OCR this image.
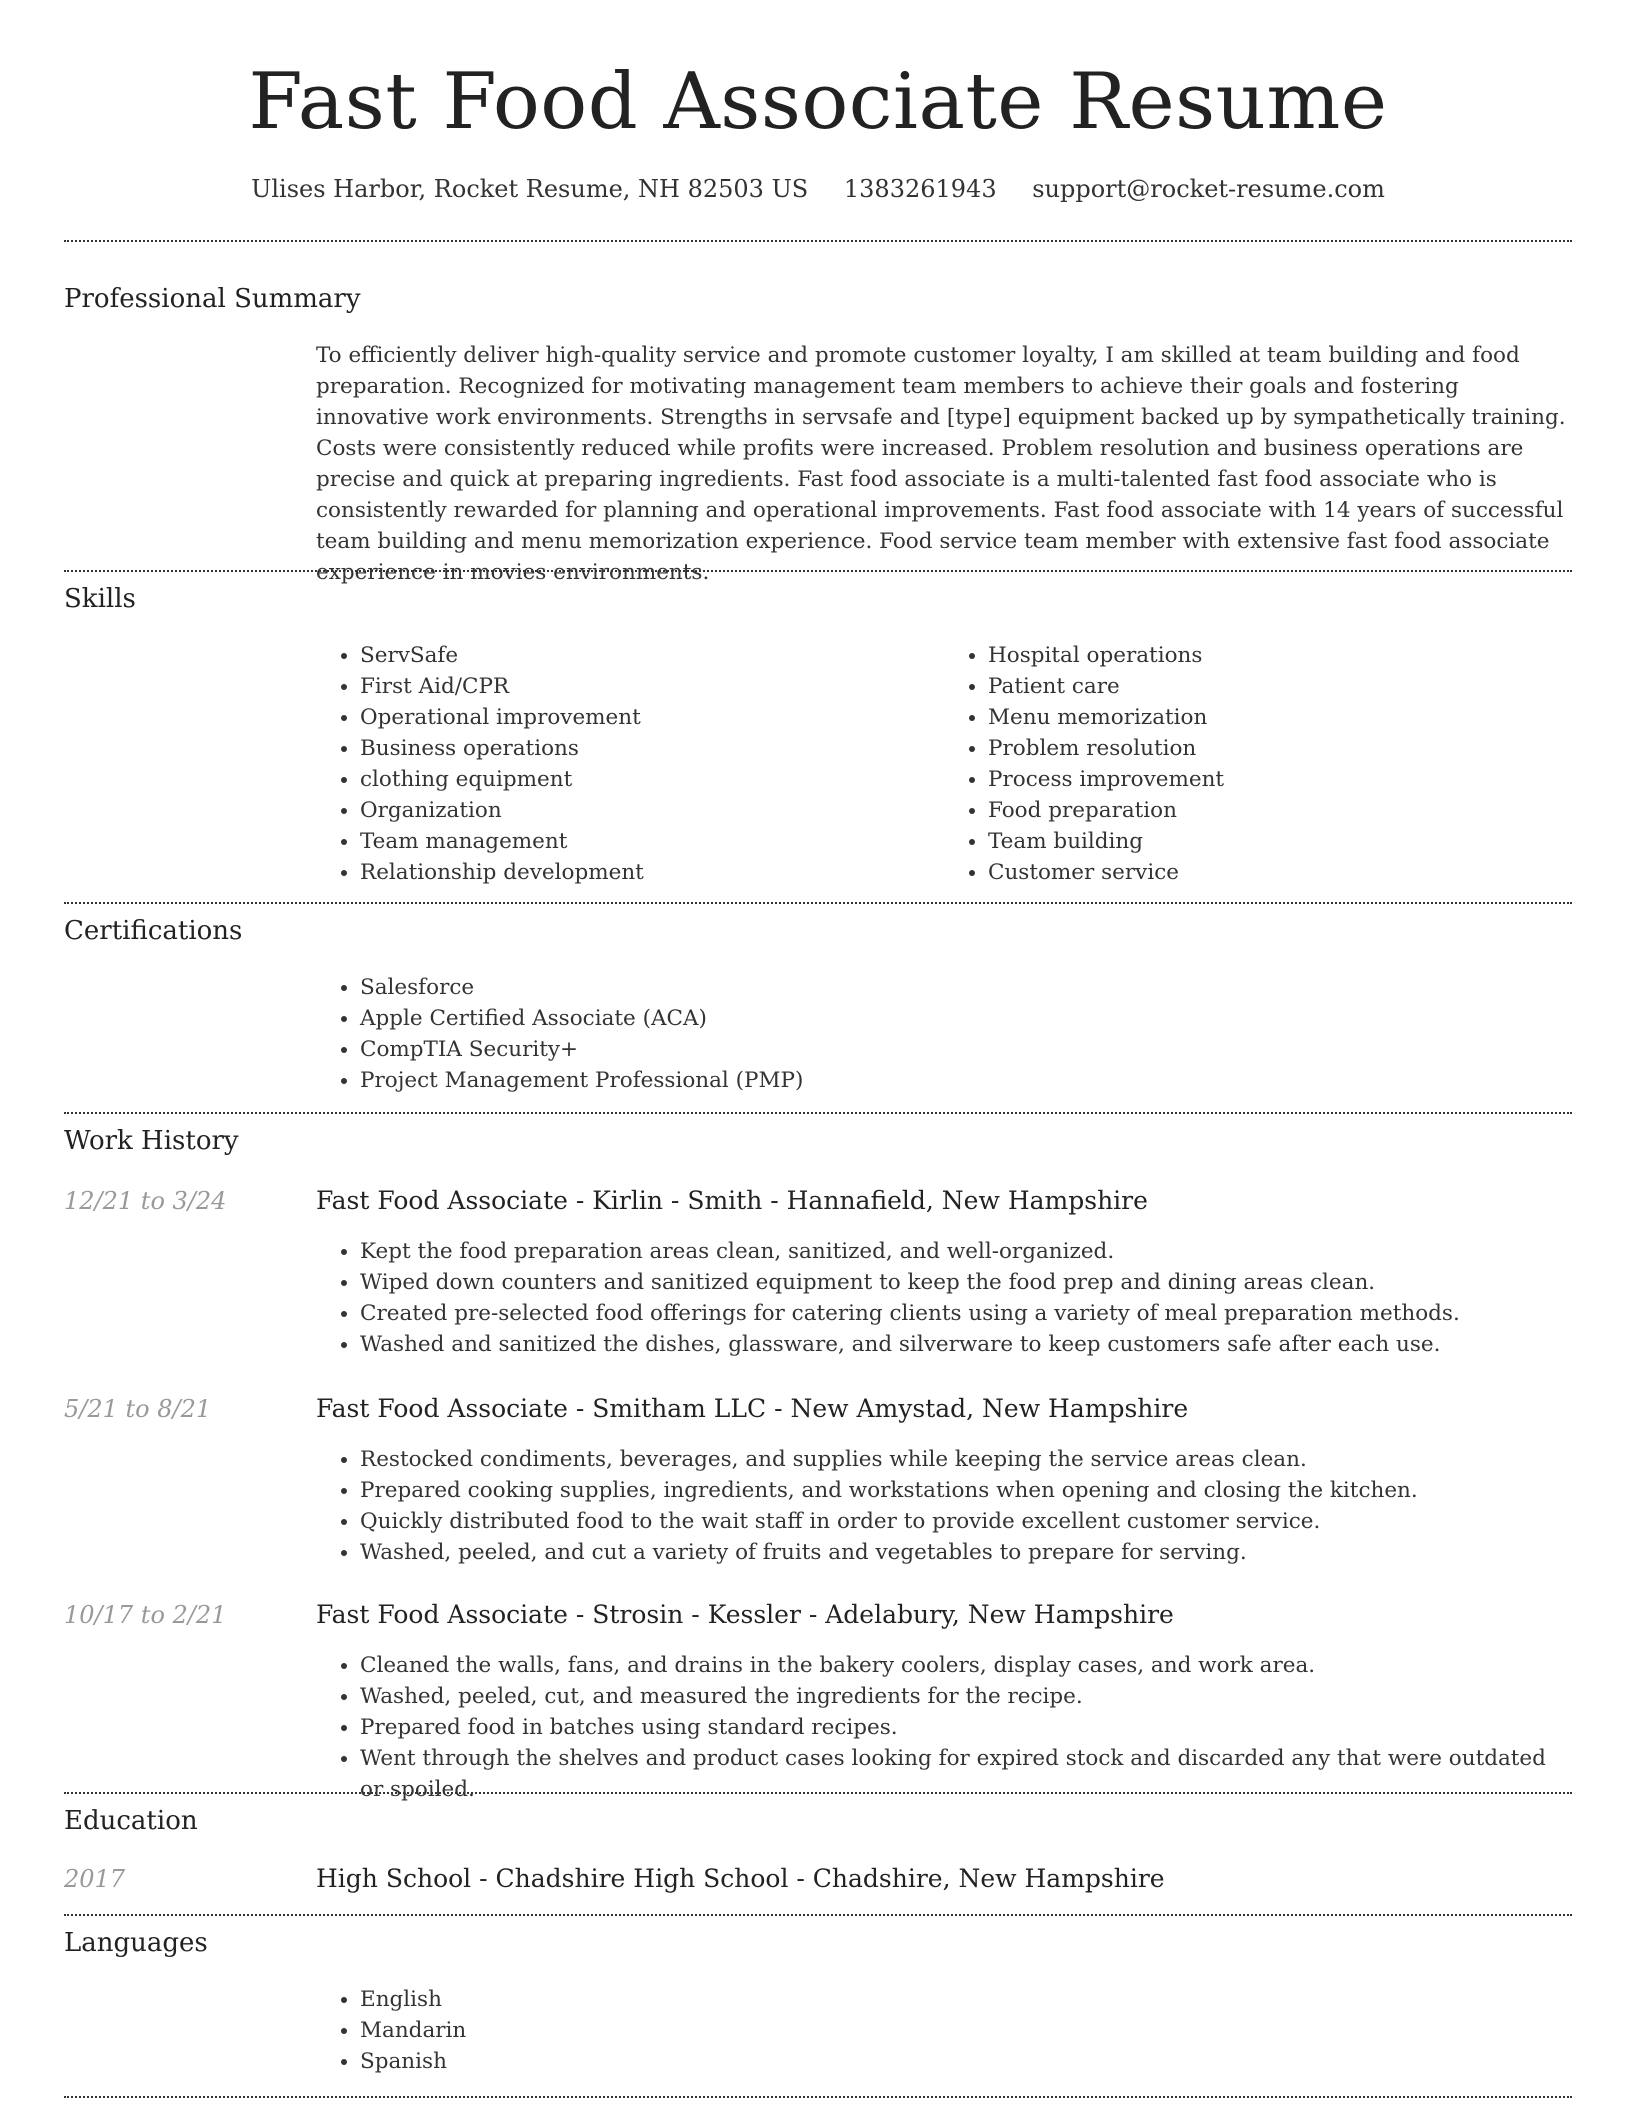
Fast Food Associate Resume
Ulises Harbor, Rocket Resume, NH 82503 US 1383261943 support@rocket-resume.com
Professional Summary
To efficiently deliver high-quality service and promote customer loyalty, I am skilled at team building and food preparation. Recognized for motivating management team members to achieve their goals and fostering innovative work environments. Strengths in servsafe and [type] equipment backed up by sympathetically training. Costs were consistently reduced while profits were increased. Problem resolution and business operations are precise and quick at preparing ingredients. Fast food associate is a multi-talented fast food associate who is consistently rewarded for planning and operational improvements. Fast food associate with 14 years of successful team building and menu memorization experience. Food service team member with extensive fast food associate experience in movies environments.
Skills
• ServSafe
• First Aid/CPR
• Operational improvement
• Business operations
• clothing equipment
• Organization
• Team management
• Relationship development
• Hospital operations
• Patient care
• Menu memorization
• Problem resolution
• Process improvement
• Food preparation
• Team building
• Customer service
Certifications
• Salesforce
• Apple Certified Associate (ACA)
• CompTIA Security+
• Project Management Professional (PMP)
Work History
12/21 to 3/24	Fast Food Associate - Kirlin - Smith - Hannafield, New Hampshire
• Kept the food preparation areas clean, sanitized, and well-organized.
• Wiped down counters and sanitized equipment to keep the food prep and dining areas clean.
• Created pre-selected food offerings for catering clients using a variety of meal preparation methods.
• Washed and sanitized the dishes, glassware, and silverware to keep customers safe after each use.
5/21 to 8/21	Fast Food Associate - Smitham LLC - New Amystad, New Hampshire
• Restocked condiments, beverages, and supplies while keeping the service areas clean.
• Prepared cooking supplies, ingredients, and workstations when opening and closing the kitchen.
• Quickly distributed food to the wait staff in order to provide excellent customer service.
• Washed, peeled, and cut a variety of fruits and vegetables to prepare for serving.
10/17 to 2/21	Fast Food Associate - Strosin - Kessler - Adelabury, New Hampshire
• Cleaned the walls, fans, and drains in the bakery coolers, display cases, and work area.
• Washed, peeled, cut, and measured the ingredients for the recipe.
• Prepared food in batches using standard recipes.
• Went through the shelves and product cases looking for expired stock and discarded any that were outdated or spoiled.
Education
2017	High School - Chadshire High School - Chadshire, New Hampshire
Languages
• English
• Mandarin
• Spanish
